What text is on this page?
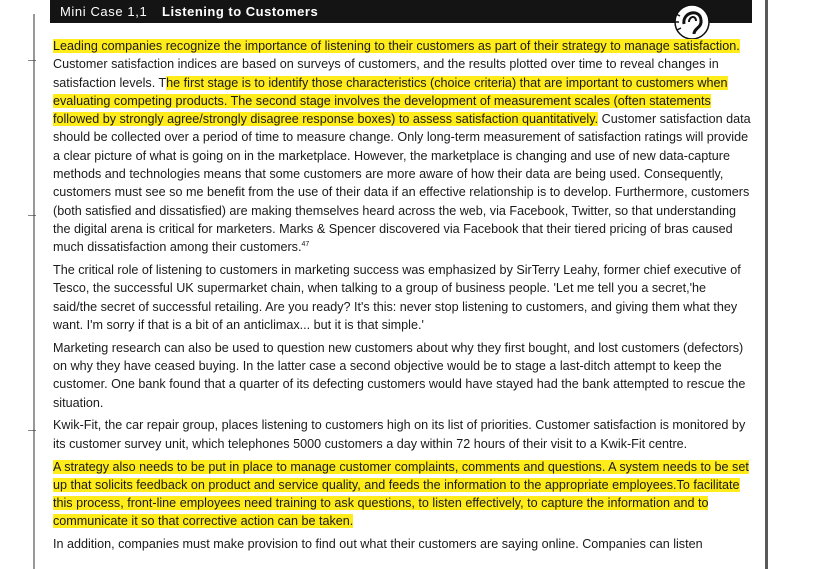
Mini Case 1,1 Listening to Customers

Leading companies recognize the importance of listening to their customers as part of their strategy to manage satisfaction. Customer satisfaction indices are based on surveys of customers, and the results plotted over time to reveal changes in satisfaction levels. The first stage is to identify those characteristics (choice criteria) that are important to customers when evaluating competing products. The second stage involves the development of measurement scales (often statements followed by strongly agree/strongly disagree response boxes) to assess satisfaction quantitatively. Customer satisfaction data should be collected over a period of time to measure change. Only long-term measurement of satisfaction ratings will provide a clear picture of what is going on in the marketplace. However, the marketplace is changing and use of new data-capture methods and technologies means that some customers are more aware of how their data are being used. Consequently, customers must see so me benefit from the use of their data if an effective relationship is to develop. Furthermore, customers (both satisfied and dissatisfied) are making themselves heard across the web, via Facebook, Twitter, so that understanding the digital arena is critical for marketers. Marks & Spencer discovered via Facebook that their tiered pricing of bras caused much dissatisfaction among their customers.$^{47}$

The critical role of listening to customers in marketing success was emphasized by SirTerry Leahy, former chief executive of Tesco, the successful UK supermarket chain, when talking to a group of business people. 'Let me tell you a secret,'he said/the secret of successful retailing. Are you ready? It's this: never stop listening to customers, and giving them what they want. I'm sorry if that is a bit of an anticlimax... but it is that simple.'

Marketing research can also be used to question new customers about why they first bought, and lost customers (defectors) on why they have ceased buying. In the latter case a second objective would be to stage a last-ditch attempt to keep the customer. One bank found that a quarter of its defecting customers would have stayed had the bank attempted to rescue the situation.

Kwik-Fit, the car repair group, places listening to customers high on its list of priorities. Customer satisfaction is monitored by its customer survey unit, which telephones 5000 customers a day within 72 hours of their visit to a Kwik-Fit centre.

A strategy also needs to be put in place to manage customer complaints, comments and questions. A system needs to be set up that solicits feedback on product and service quality, and feeds the information to the appropriate employees.To facilitate this process, front-line employees need training to ask questions, to listen effectively, to capture the information and to communicate it so that corrective action can be taken.

In addition, companies must make provision to find out what their customers are saying online. Companies can listen
